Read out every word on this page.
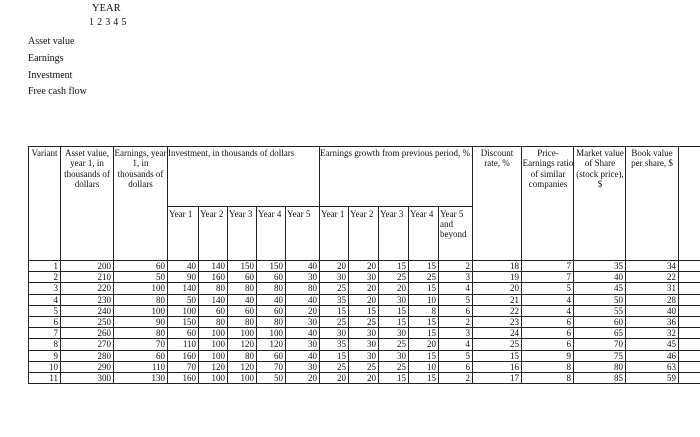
YEAR
1 2 3 4 5
Asset value
Earnings
Investment
Free cash flow
Variant Asset value, year 1, in thousands of dollars
Earnings, year 1, in thousands of dollars
Investment, in thousands of dollars	Earnings growth from previous period, %	Discount rate, %
Price-Earnings ratio of similar companies
Market value of Share (stock price), $
Book value per share, $
Year 1 Year 2 Year 3 Year 4 Year 5	Year 1 Year 2 Year 3 Year 4 Year 5 and beyond
1	200	60	40	140	150	150	40	20	20	15	15	2	18	7	35	34
2	210	50	90	160	60	60	30	30	30	25	25	3	19	7	40	22
3	220	100	140	80	80	80	80	25	20	20	15	4	20	5	45	31
4	230	80	50	140	40	40	40	35	20	30	10	5	21	4	50	28
5	240	100	100	60	60	60	20	15	15	15	8	6	22	4	55	40
6	250	90	150	80	80	80	30	25	25	15	15	2	23	6	60	36
7	260	80	60	100	100	100	40	30	30	30	15	3	24	6	65	32
8	270	70	110	100	120	120	30	35	30	25	20	4	25	6	70	45
9	280	60	160	100	80	60	40	15	30	30	15	5	15	9	75	46
10	290	110	70	120	120	70	30	25	25	25	10	6	16	8	80	63
11	300	130	160	100	100	50	20	20	20	15	15	2	17	8	85	59
